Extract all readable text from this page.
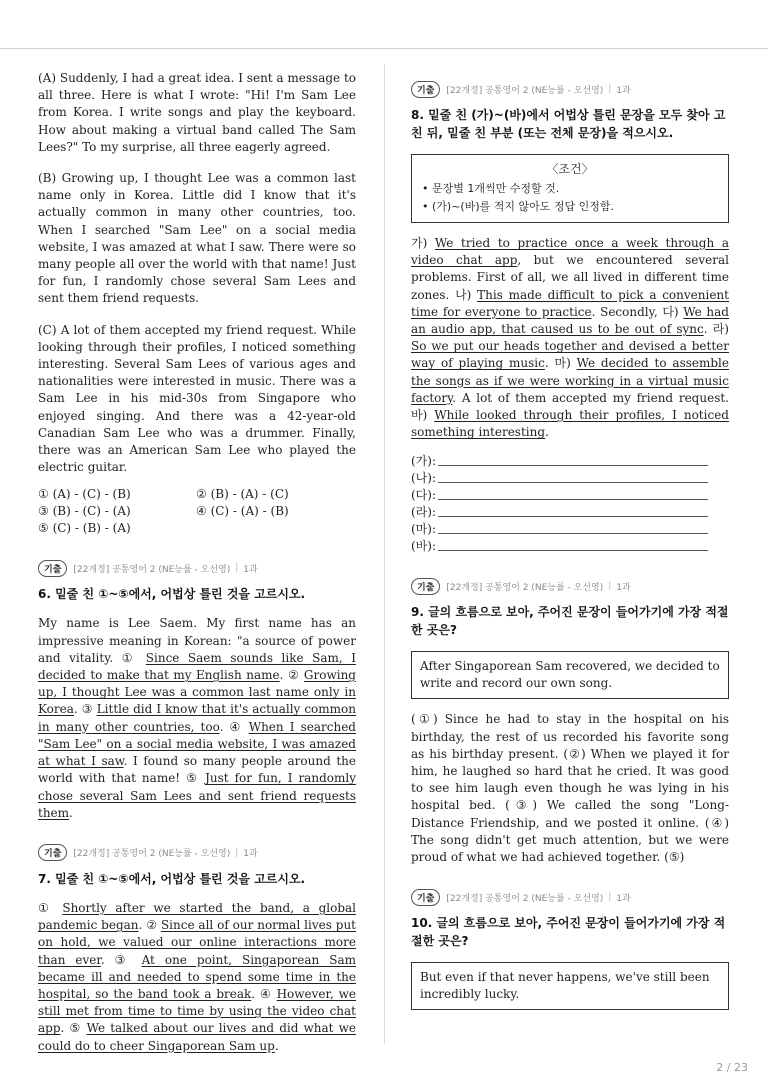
(A) Suddenly, I had a great idea. I sent a message to all three. Here is what I wrote: "Hi! I'm Sam Lee from Korea. I write songs and play the keyboard. How about making a virtual band called The Sam Lees?" To my surprise, all three eagerly agreed.

(B) Growing up, I thought Lee was a common last name only in Korea. Little did I know that it's actually common in many other countries, too. When I searched "Sam Lee" on a social media website, I was amazed at what I saw. There were so many people all over the world with that name! Just for fun, I randomly chose several Sam Lees and sent them friend requests.

(C) A lot of them accepted my friend request. While looking through their profiles, I noticed something interesting. Several Sam Lees of various ages and nationalities were interested in music. There was a Sam Lee in his mid-30s from Singapore who enjoyed singing. And there was a 42-year-old Canadian Sam Lee who was a drummer. Finally, there was an American Sam Lee who played the electric guitar.

① (A) - (C) - (B)	② (B) - (A) - (C)
③ (B) - (C) - (A)	④ (C) - (A) - (B)
⑤ (C) - (B) - (A)
기출	[22개정] 공통영어 2 (NE능률 - 오선영) | 1과
6. 밑줄 친 ①~⑤에서, 어법상 틀린 것을 고르시오.

My name is Lee Saem. My first name has an impressive meaning in Korean: "a source of power and vitality. ① Since Saem sounds like Sam, I decided to make that my English name. ② Growing up, I thought Lee was a common last name only in Korea. ③ Little did I know that it's actually common in many other countries, too. ④ When I searched "Sam Lee" on a social media website, I was amazed at what I saw. I found so many people around the world with that name! ⑤ Just for fun, I randomly chose several Sam Lees and sent friend requests them.

기출	[22개정] 공통영어 2 (NE능률 - 오선영) | 1과
7. 밑줄 친 ①~⑤에서, 어법상 틀린 것을 고르시오.

① Shortly after we started the band, a global pandemic began. ② Since all of our normal lives put on hold, we valued our online interactions more than ever. ③ At one point, Singaporean Sam became ill and needed to spend some time in the hospital, so the band took a break. ④ However, we still met from time to time by using the video chat app. ⑤ We talked about our lives and did what we could do to cheer Singaporean Sam up.

기출	[22개정] 공통영어 2 (NE능률 - 오선영) | 1과
8. 밑줄 친 (가)~(바)에서 어법상 틀린 문장을 모두 찾아 고친 뒤, 밑줄 친 부분 (또는 전체 문장)을 적으시오.
〈조건〉
• 문장별 1개씩만 수정할 것.
• (가)~(바)를 적지 않아도 정답 인정함.

가) We tried to practice once a week through a video chat app, but we encountered several problems. First of all, we all lived in different time zones. 나) This made difficult to pick a convenient time for everyone to practice. Secondly, 다) We had an audio app, that caused us to be out of sync. 라) So we put our heads together and devised a better way of playing music. 마) We decided to assemble the songs as if we were working in a virtual music factory. A lot of them accepted my friend request. 바) While looked through their profiles, I noticed something interesting.

(가):
(나):
(다):
(라):
(마):
(바):
기출	[22개정] 공통영어 2 (NE능률 - 오선영) | 1과
9. 글의 흐름으로 보아, 주어진 문장이 들어가기에 가장 적절한 곳은?
After Singaporean Sam recovered, we decided to write and record our own song.

(①) Since he had to stay in the hospital on his birthday, the rest of us recorded his favorite song as his birthday present. (②) When we played it for him, he laughed so hard that he cried. It was good to see him laugh even though he was lying in his hospital bed. (③) We called the song "Long-Distance Friendship, and we posted it online. (④) The song didn't get much attention, but we were proud of what we had achieved together. (⑤)

기출	[22개정] 공통영어 2 (NE능률 - 오선영) | 1과
10. 글의 흐름으로 보아, 주어진 문장이 들어가기에 가장 적절한 곳은?
But even if that never happens, we've still been incredibly lucky.
2 / 23
